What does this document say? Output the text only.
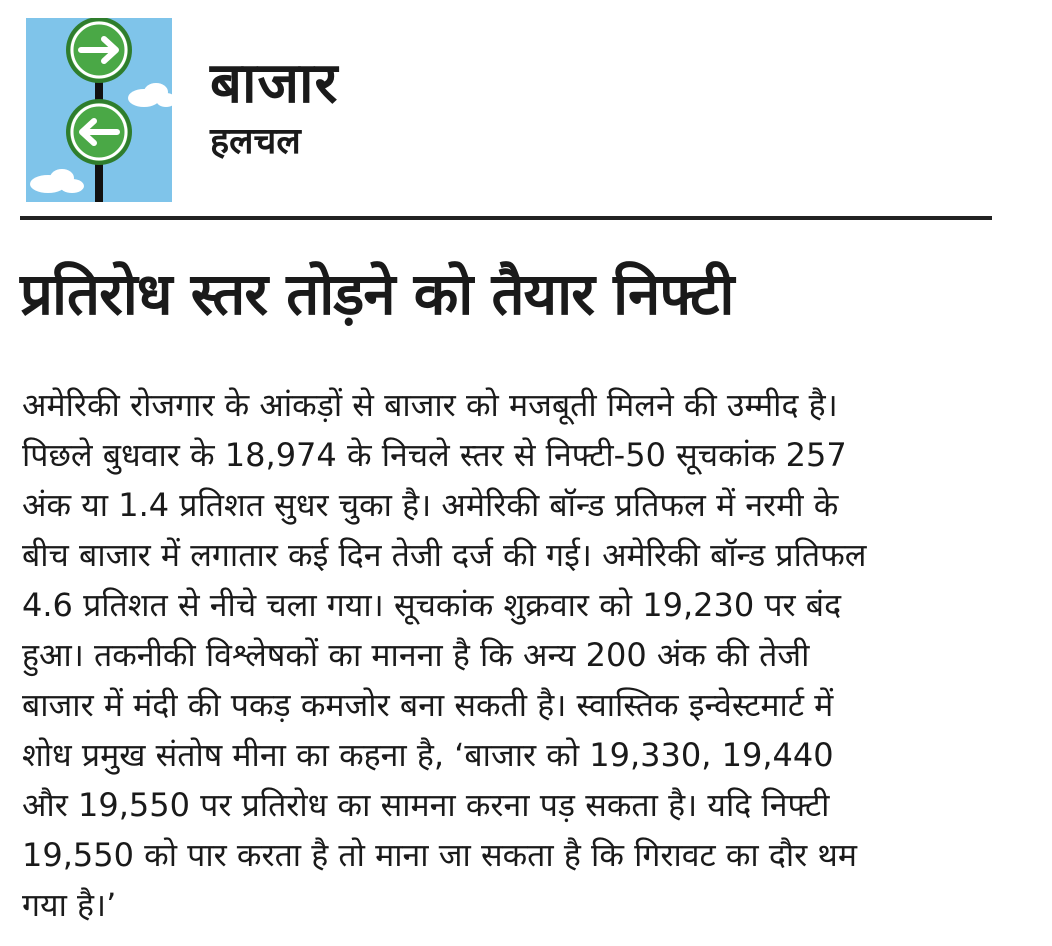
बाजार
हलचल
प्रतिरोध स्तर तोड़ने को तैयार निफ्टी
अमेरिकी रोजगार के आंकड़ों से बाजार को मजबूती मिलने की उम्मीद है।
पिछले बुधवार के 18,974 के निचले स्तर से निफ्टी-50 सूचकांक 257
अंक या 1.4 प्रतिशत सुधर चुका है। अमेरिकी बॉन्ड प्रतिफल में नरमी के
बीच बाजार में लगातार कई दिन तेजी दर्ज की गई। अमेरिकी बॉन्ड प्रतिफल
4.6 प्रतिशत से नीचे चला गया। सूचकांक शुक्रवार को 19,230 पर बंद
हुआ। तकनीकी विश्लेषकों का मानना है कि अन्य 200 अंक की तेजी
बाजार में मंदी की पकड़ कमजोर बना सकती है। स्वास्तिक इन्वेस्टमार्ट में
शोध प्रमुख संतोष मीना का कहना है, ‘बाजार को 19,330, 19,440
और 19,550 पर प्रतिरोध का सामना करना पड़ सकता है। यदि निफ्टी
19,550 को पार करता है तो माना जा सकता है कि गिरावट का दौर थम
गया है।’
